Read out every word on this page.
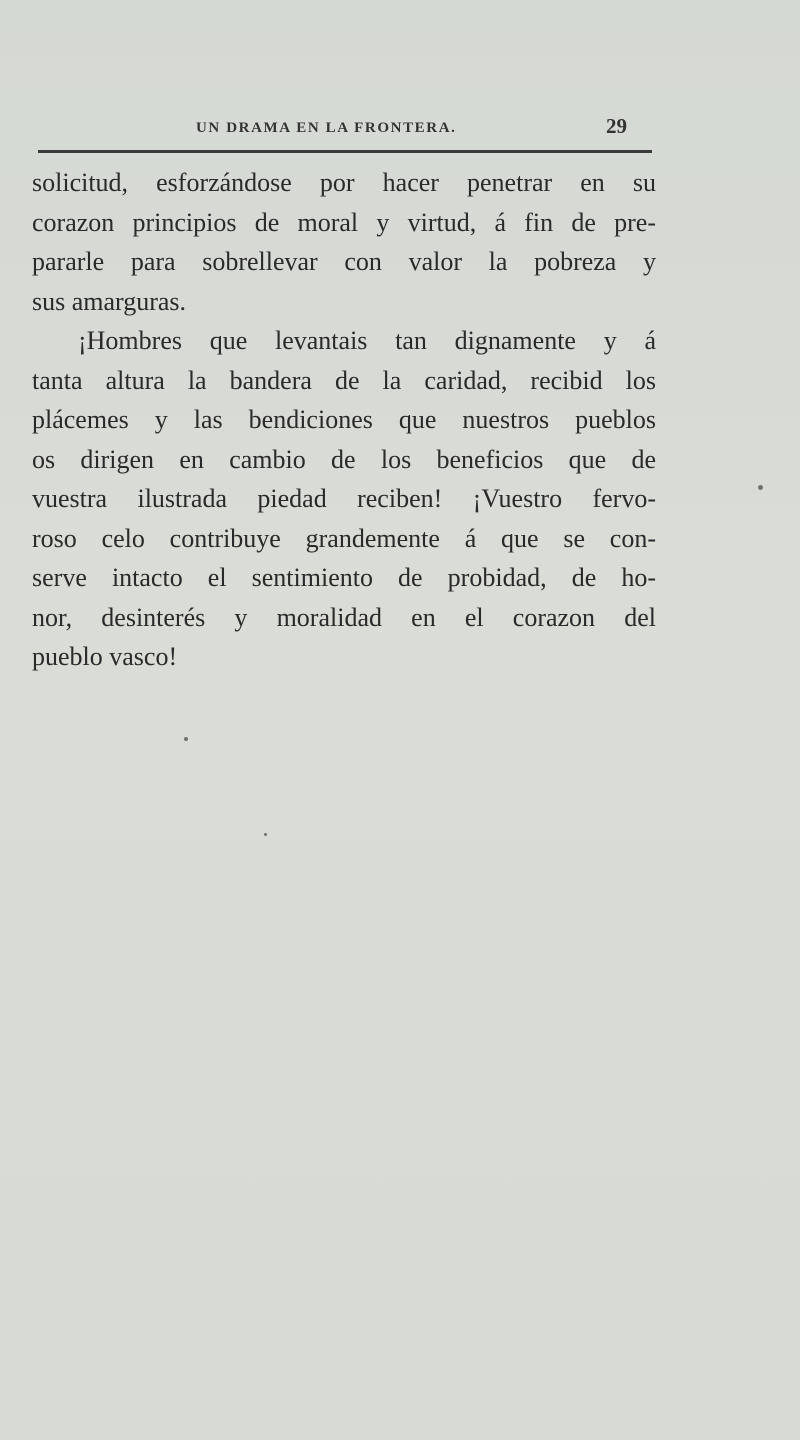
UN DRAMA EN LA FRONTERA.	29
solicitud, esforzándose por hacer penetrar en su
corazon principios de moral y virtud, á fin de pre-
pararle para sobrellevar con valor la pobreza y
sus amarguras.
¡Hombres que levantais tan dignamente y á
tanta altura la bandera de la caridad, recibid los
plácemes y las bendiciones que nuestros pueblos
os dirigen en cambio de los beneficios que de
vuestra ilustrada piedad reciben! ¡Vuestro fervo-
roso celo contribuye grandemente á que se con-
serve intacto el sentimiento de probidad, de ho-
nor, desinterés y moralidad en el corazon del
pueblo vasco!
